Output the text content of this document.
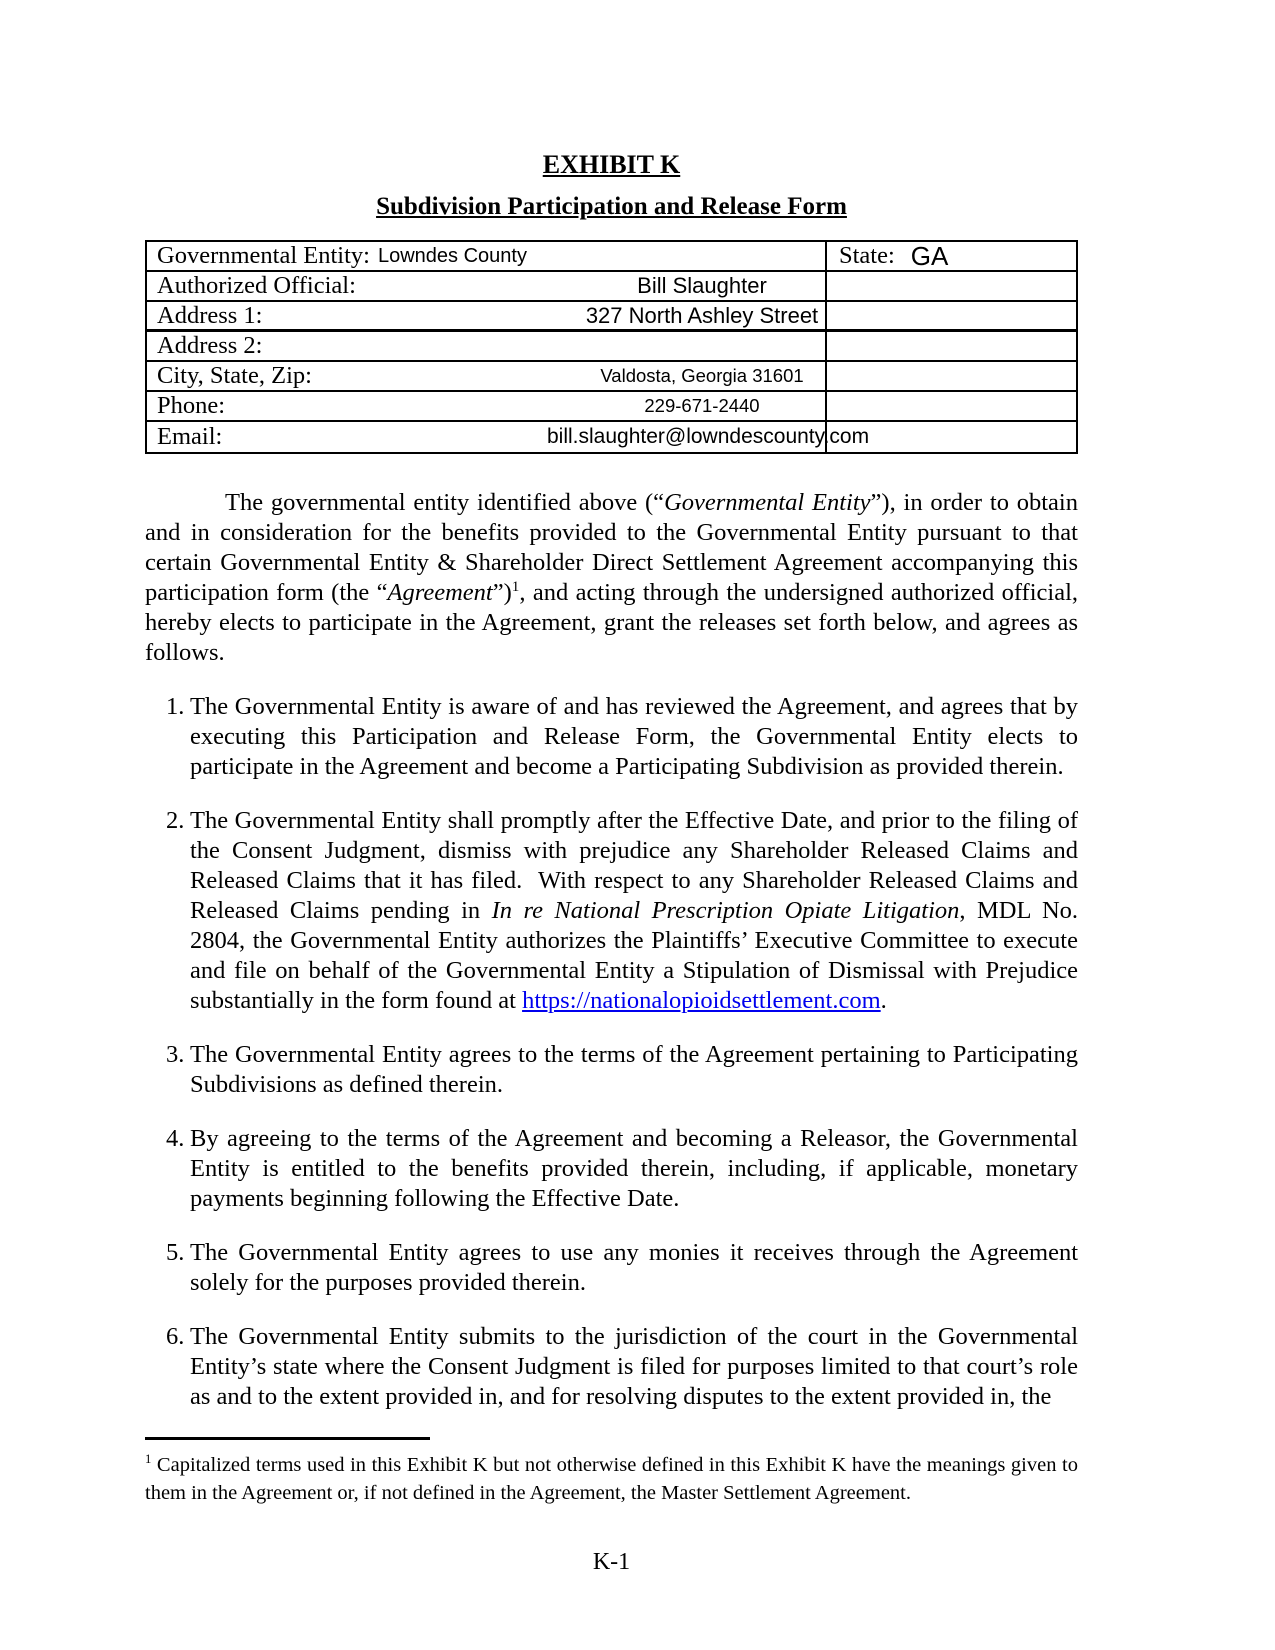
EXHIBIT K
Subdivision Participation and Release Form
Governmental Entity: Lowndes County	State: GA
Authorized Official:	Bill Slaughter
Address 1:	327 North Ashley Street
Address 2:
City, State, Zip:	Valdosta, Georgia 31601
Phone:	229-671-2440
Email:	bill.slaughter@lowndescounty.com

The governmental entity identified above (“Governmental Entity”), in order to obtain and in consideration for the benefits provided to the Governmental Entity pursuant to that certain Governmental Entity & Shareholder Direct Settlement Agreement accompanying this participation form (the “Agreement”)$^1$, and acting through the undersigned authorized official, hereby elects to participate in the Agreement, grant the releases set forth below, and agrees as follows.

1. The Governmental Entity is aware of and has reviewed the Agreement, and agrees that by executing this Participation and Release Form, the Governmental Entity elects to participate in the Agreement and become a Participating Subdivision as provided therein.
2. The Governmental Entity shall promptly after the Effective Date, and prior to the filing of the Consent Judgment, dismiss with prejudice any Shareholder Released Claims and Released Claims that it has filed.  With respect to any Shareholder Released Claims and Released Claims pending in In re National Prescription Opiate Litigation, MDL No. 2804, the Governmental Entity authorizes the Plaintiffs’ Executive Committee to execute and file on behalf of the Governmental Entity a Stipulation of Dismissal with Prejudice substantially in the form found at https://nationalopioidsettlement.com.
3. The Governmental Entity agrees to the terms of the Agreement pertaining to Participating Subdivisions as defined therein.
4. By agreeing to the terms of the Agreement and becoming a Releasor, the Governmental Entity is entitled to the benefits provided therein, including, if applicable, monetary payments beginning following the Effective Date.
5. The Governmental Entity agrees to use any monies it receives through the Agreement solely for the purposes provided therein.
6. The Governmental Entity submits to the jurisdiction of the court in the Governmental Entity’s state where the Consent Judgment is filed for purposes limited to that court’s role as and to the extent provided in, and for resolving disputes to the extent provided in, the
$^1$ Capitalized terms used in this Exhibit K but not otherwise defined in this Exhibit K have the meanings given to them in the Agreement or, if not defined in the Agreement, the Master Settlement Agreement.
K-1
